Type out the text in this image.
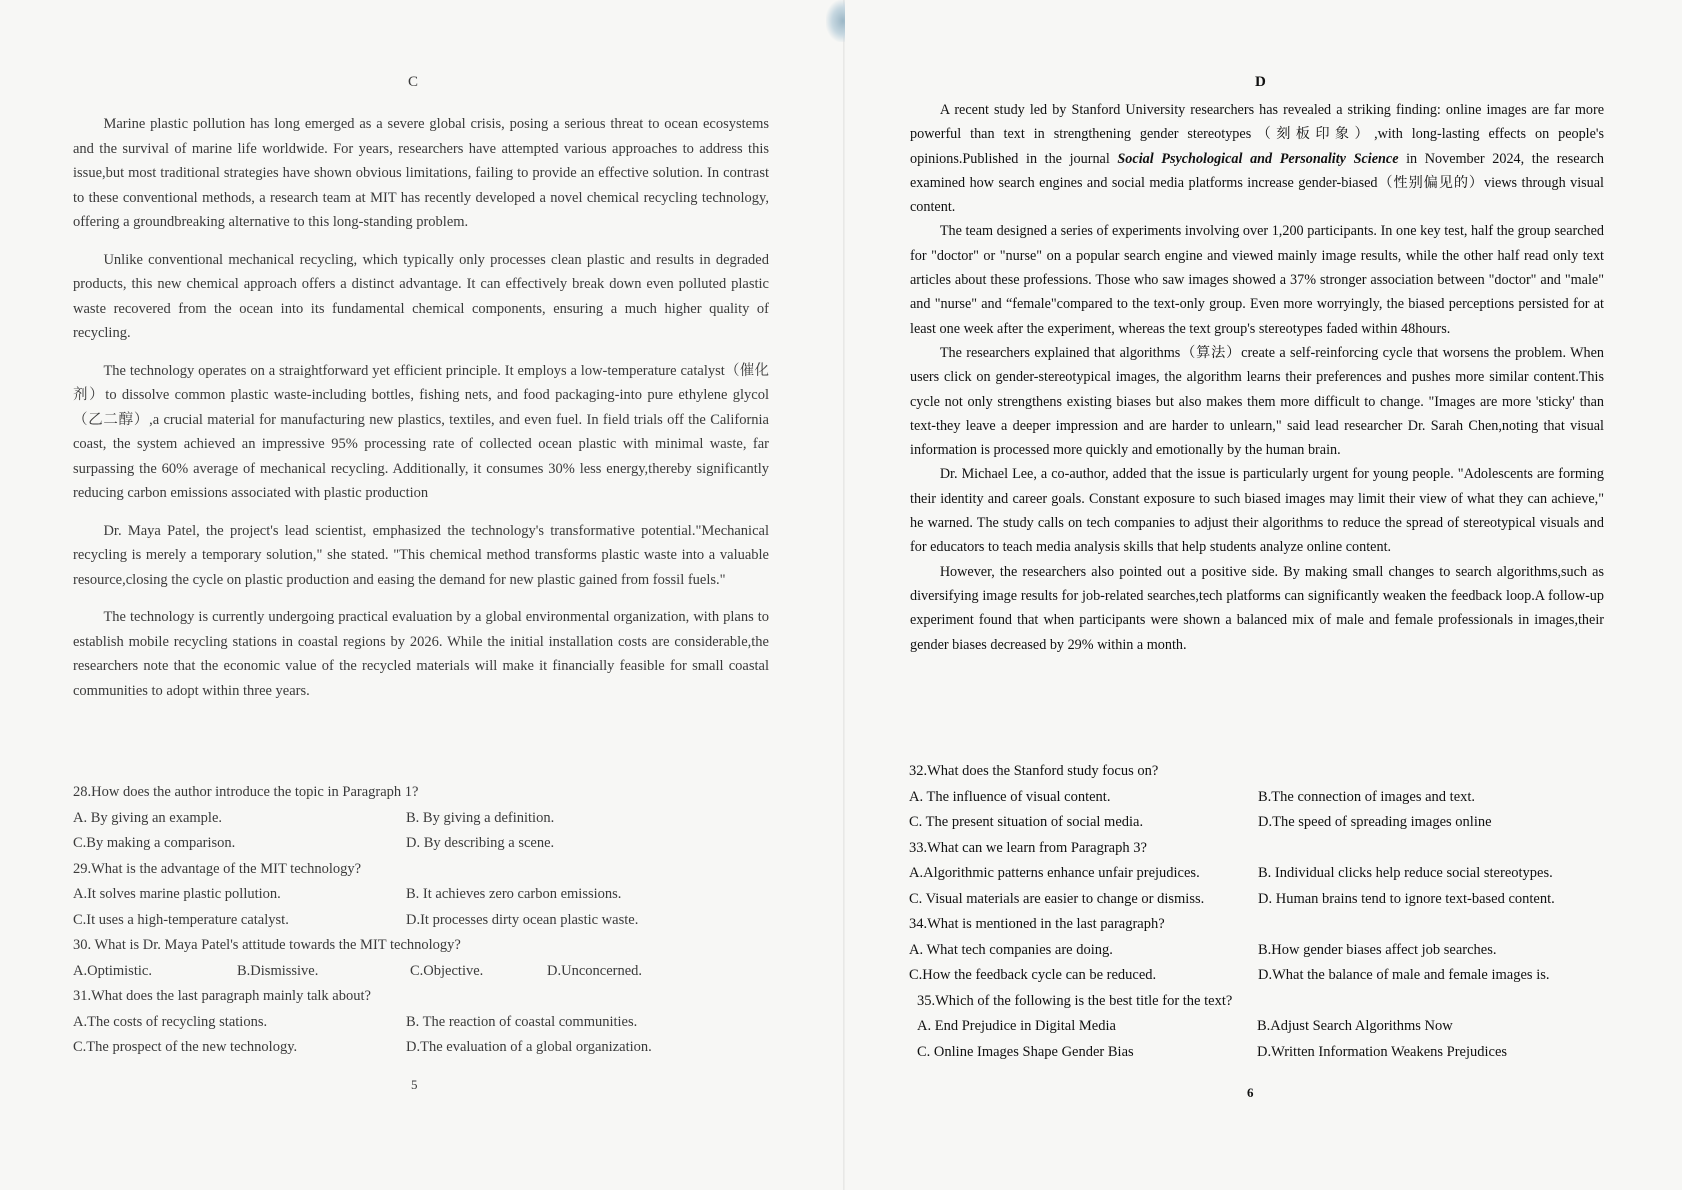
C

Marine plastic pollution has long emerged as a severe global crisis, posing a serious threat to ocean ecosystems and the survival of marine life worldwide. For years, researchers have attempted various approaches to address this issue,but most traditional strategies have shown obvious limitations, failing to provide an effective solution. In contrast to these conventional methods, a research team at MIT has recently developed a novel chemical recycling technology, offering a groundbreaking alternative to this long-standing problem.

Unlike conventional mechanical recycling, which typically only processes clean plastic and results in degraded products, this new chemical approach offers a distinct advantage. It can effectively break down even polluted plastic waste recovered from the ocean into its fundamental chemical components, ensuring a much higher quality of recycling.

The technology operates on a straightforward yet efficient principle. It employs a low-temperature catalyst（催化剂）to dissolve common plastic waste-including bottles, fishing nets, and food packaging-into pure ethylene glycol（乙二醇）,a crucial material for manufacturing new plastics, textiles, and even fuel. In field trials off the California coast, the system achieved an impressive 95% processing rate of collected ocean plastic with minimal waste, far surpassing the 60% average of mechanical recycling. Additionally, it consumes 30% less energy,thereby significantly reducing carbon emissions associated with plastic production

Dr. Maya Patel, the project's lead scientist, emphasized the technology's transformative potential."Mechanical recycling is merely a temporary solution," she stated. "This chemical method transforms plastic waste into a valuable resource,closing the cycle on plastic production and easing the demand for new plastic gained from fossil fuels."

The technology is currently undergoing practical evaluation by a global environmental organization, with plans to establish mobile recycling stations in coastal regions by 2026. While the initial installation costs are considerable,the researchers note that the economic value of the recycled materials will make it financially feasible for small coastal communities to adopt within three years.

28.How does the author introduce the topic in Paragraph 1?
A. By giving an example.	B. By giving a definition.
C.By making a comparison.	D. By describing a scene.
29.What is the advantage of the MIT technology?
A.It solves marine plastic pollution.	B. It achieves zero carbon emissions.
C.It uses a high-temperature catalyst.	D.It processes dirty ocean plastic waste.
30. What is Dr. Maya Patel's attitude towards the MIT technology?
A.Optimistic.	B.Dismissive.	C.Objective.	D.Unconcerned.
31.What does the last paragraph mainly talk about?
A.The costs of recycling stations.	B. The reaction of coastal communities.
C.The prospect of the new technology.	D.The evaluation of a global organization.
5
D

A recent study led by Stanford University researchers has revealed a striking finding: online images are far more powerful than text in strengthening gender stereotypes（刻板印象）,with long-lasting effects on people's opinions.Published in the journal Social Psychological and Personality Science in November 2024, the research examined how search engines and social media platforms increase gender-biased（性别偏见的）views through visual content.

The team designed a series of experiments involving over 1,200 participants. In one key test, half the group searched for "doctor" or "nurse" on a popular search engine and viewed mainly image results, while the other half read only text articles about these professions. Those who saw images showed a 37% stronger association between "doctor" and "male" and "nurse" and “female"compared to the text-only group. Even more worryingly, the biased perceptions persisted for at least one week after the experiment, whereas the text group's stereotypes faded within 48hours.

The researchers explained that algorithms（算法）create a self-reinforcing cycle that worsens the problem. When users click on gender-stereotypical images, the algorithm learns their preferences and pushes more similar content.This cycle not only strengthens existing biases but also makes them more difficult to change. "Images are more 'sticky' than text-they leave a deeper impression and are harder to unlearn," said lead researcher Dr. Sarah Chen,noting that visual information is processed more quickly and emotionally by the human brain.

Dr. Michael Lee, a co-author, added that the issue is particularly urgent for young people. "Adolescents are forming their identity and career goals. Constant exposure to such biased images may limit their view of what they can achieve," he warned. The study calls on tech companies to adjust their algorithms to reduce the spread of stereotypical visuals and for educators to teach media analysis skills that help students analyze online content.

However, the researchers also pointed out a positive side. By making small changes to search algorithms,such as diversifying image results for job-related searches,tech platforms can significantly weaken the feedback loop.A follow-up experiment found that when participants were shown a balanced mix of male and female professionals in images,their gender biases decreased by 29% within a month.

32.What does the Stanford study focus on?
A. The influence of visual content.	B.The connection of images and text.
C. The present situation of social media.	D.The speed of spreading images online
33.What can we learn from Paragraph 3?
A.Algorithmic patterns enhance unfair prejudices.	B. Individual clicks help reduce social stereotypes.
C. Visual materials are easier to change or dismiss.	D. Human brains tend to ignore text-based content.
34.What is mentioned in the last paragraph?
A. What tech companies are doing.	B.How gender biases affect job searches.
C.How the feedback cycle can be reduced.	D.What the balance of male and female images is.
35.Which of the following is the best title for the text?
A. End Prejudice in Digital Media	B.Adjust Search Algorithms Now
C. Online Images Shape Gender Bias	D.Written Information Weakens Prejudices
6
